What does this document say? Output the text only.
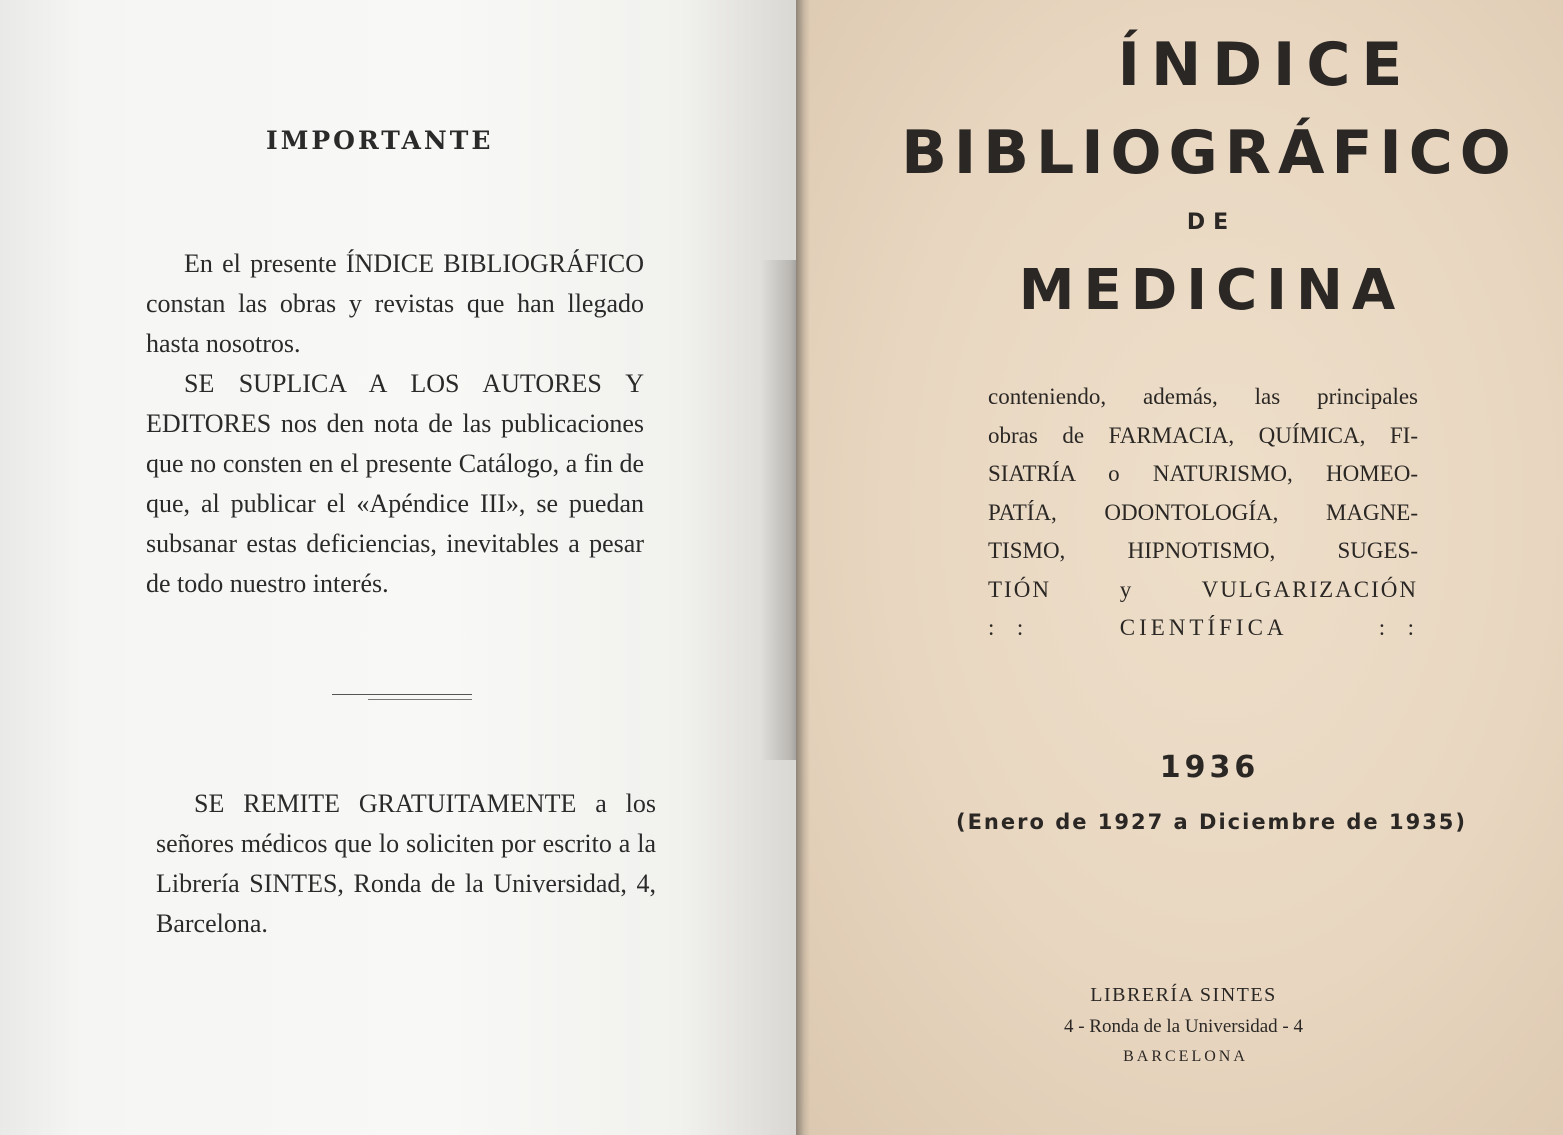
IMPORTANTE

En el presente ÍNDICE BIBLIOGRÁFICO constan las obras y revistas que han llegado hasta nosotros.

SE SUPLICA A LOS AUTORES Y EDITORES nos den nota de las publicaciones que no consten en el presente Catálogo, a fin de que, al publicar el «Apéndice III», se puedan subsanar estas deficiencias, inevitables a pesar de todo nuestro interés.

SE REMITE GRATUITAMENTE a los señores médicos que lo soliciten por escrito a la Librería SINTES, Ronda de la Universidad, 4, Barcelona.

ÍNDICE
BIBLIOGRÁFICO
DE
MEDICINA
conteniendo, además, las principales
obras de FARMACIA, QUÍMICA, FI-
SIATRÍA o NATURISMO, HOMEO-
PATÍA, ODONTOLOGÍA, MAGNE-
TISMO, HIPNOTISMO, SUGES-
TIÓN y VULGARIZACIÓN
: :     CIENTÍFICA     : :
1936
(Enero de 1927 a Diciembre de 1935)
LIBRERÍA SINTES
4 - Ronda de la Universidad - 4
BARCELONA
